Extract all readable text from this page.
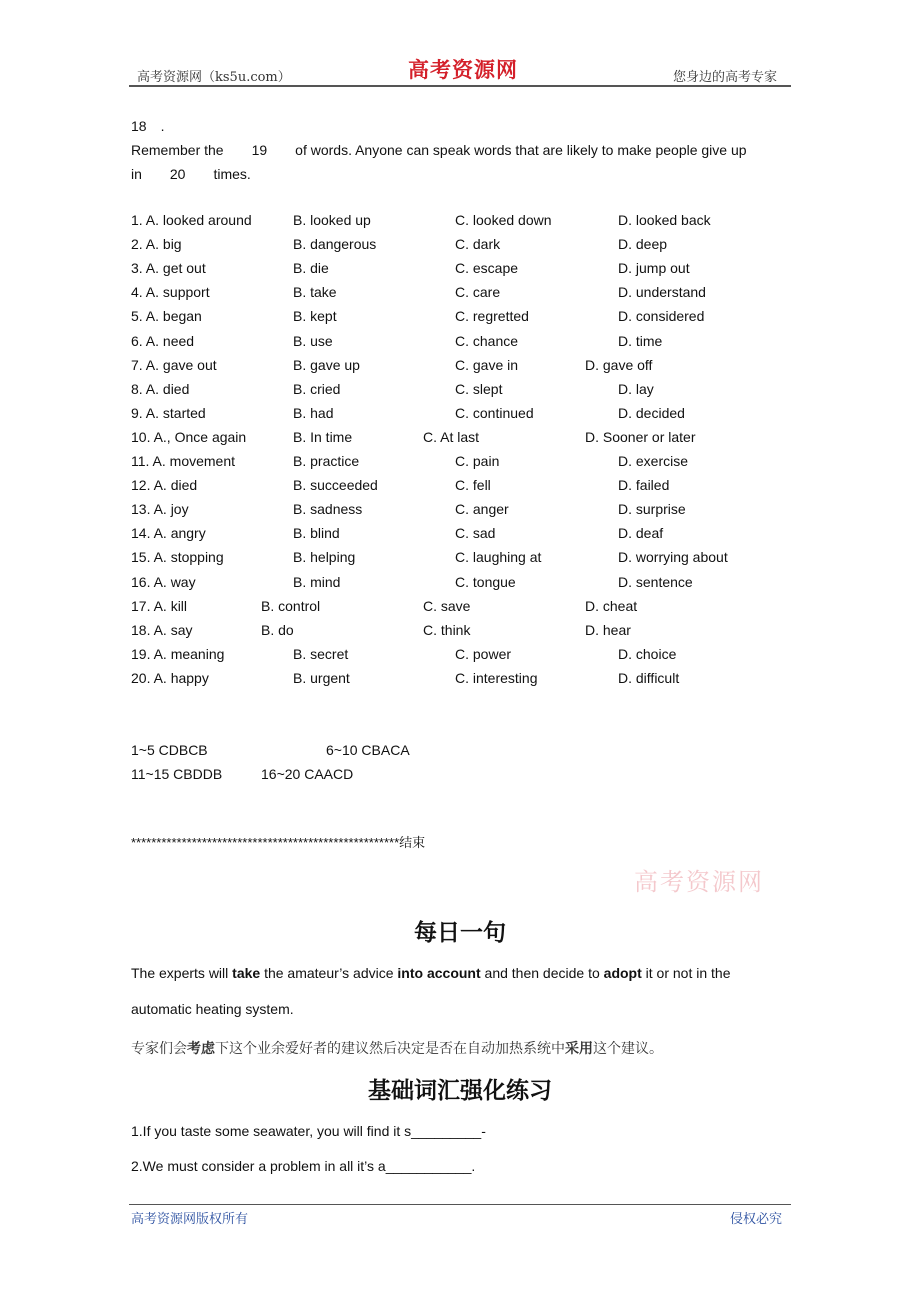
高考资源网（ks5u.com）	高考资源网	您身边的高考专家
18　.
Remember the　　19　　of words. Anyone can speak words that are likely to make people give up
in　　20　　times.
1. A. looked around	B. looked up	C. looked down	D. looked back
2. A. big	B. dangerous	C. dark	D. deep
3. A. get out	B. die	C. escape	D. jump out
4. A. support	B. take	C. care	D. understand
5. A. began	B. kept	C. regretted	D. considered
6. A. need	B. use	C. chance	D. time
7. A. gave out	B. gave up	C. gave in	D. gave off
8. A. died	B. cried	C. slept	D. lay
9. A. started	B. had	C. continued	D. decided
10. A., Once again	B. In time	C. At last	D. Sooner or later
11. A. movement	B. practice	C. pain	D. exercise
12. A. died	B. succeeded	C. fell	D. failed
13. A. joy	B. sadness	C. anger	D. surprise
14. A. angry	B. blind	C. sad	D. deaf
15. A. stopping	B. helping	C. laughing at	D. worrying about
16. A. way	B. mind	C. tongue	D. sentence
17. A. kill	B. control	C. save	D. cheat
18. A. say	B. do	C. think	D. hear
19. A. meaning	B. secret	C. power	D. choice
20. A. happy	B. urgent	C. interesting	D. difficult
1~5 CDBCB	6~10 CBACA
11~15 CBDDB	16~20 CAACD
*****************************************************结束
高考资源网
每日一句
The experts will take the amateur’s advice into account and then decide to adopt it or not in the
automatic heating system.
专家们会考虑下这个业余爱好者的建议然后决定是否在自动加热系统中采用这个建议。
基础词汇强化练习
1.If you taste some seawater, you will find it s_________-
2.We must consider a problem in all it’s a___________.
高考资源网版权所有	侵权必究
